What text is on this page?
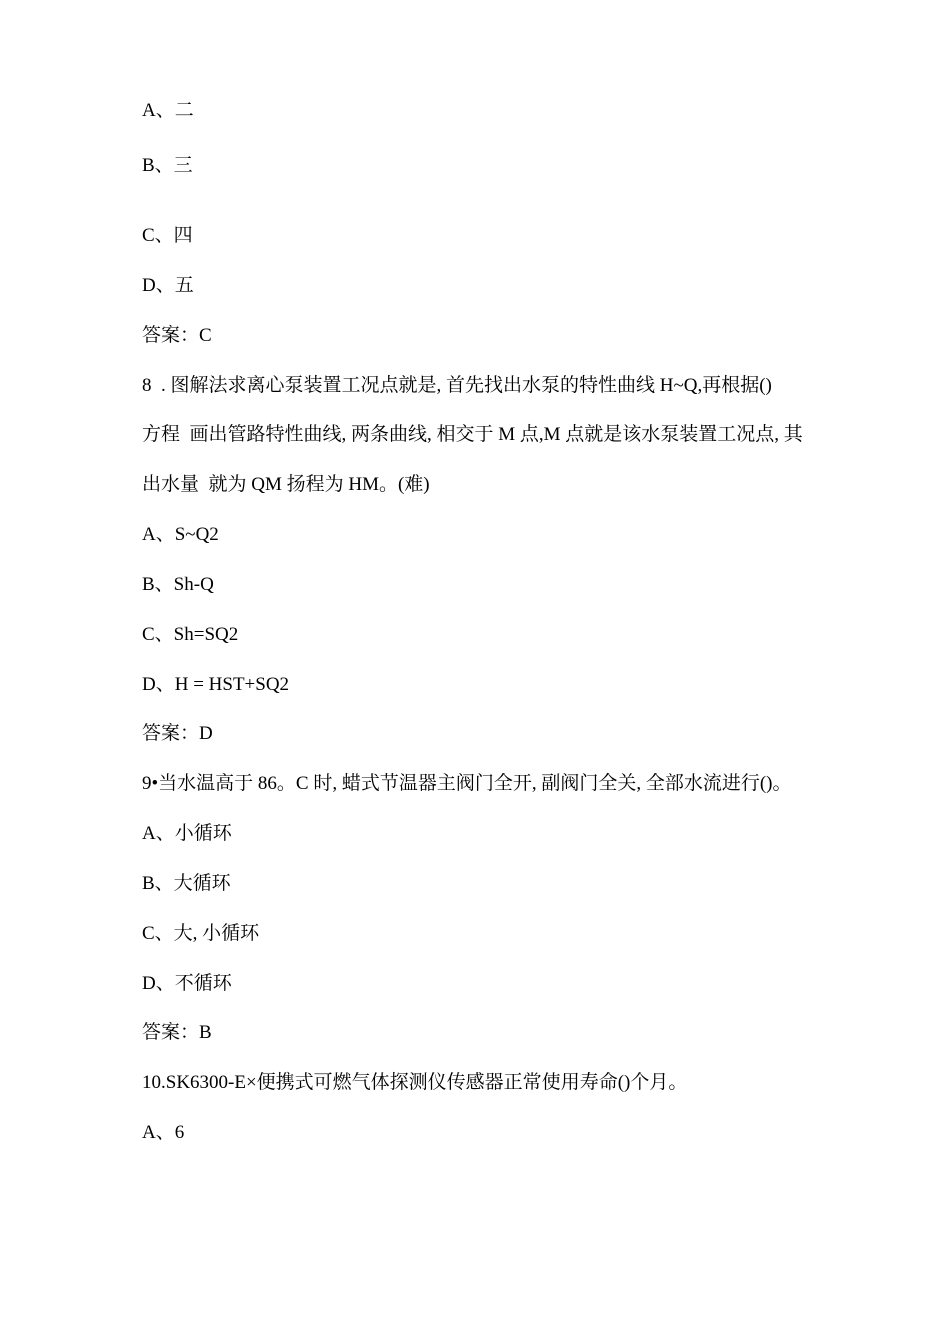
A、二
B、三
C、四
D、五
答案：C
8  . 图解法求离心泵装置工况点就是, 首先找出水泵的特性曲线 H~Q,再根据()
方程  画出管路特性曲线, 两条曲线, 相交于 M 点,M 点就是该水泵装置工况点, 其
出水量  就为 QM 扬程为 HM。(难)
A、S~Q2
B、Sh-Q
C、Sh=SQ2
D、H = HST+SQ2
答案：D
9•当水温高于 86。C 时, 蜡式节温器主阀门全开, 副阀门全关, 全部水流进行()。
A、小循环
B、大循环
C、大, 小循环
D、不循环
答案：B
10.SK6300-E×便携式可燃气体探测仪传感器正常使用寿命()个月。
A、6
